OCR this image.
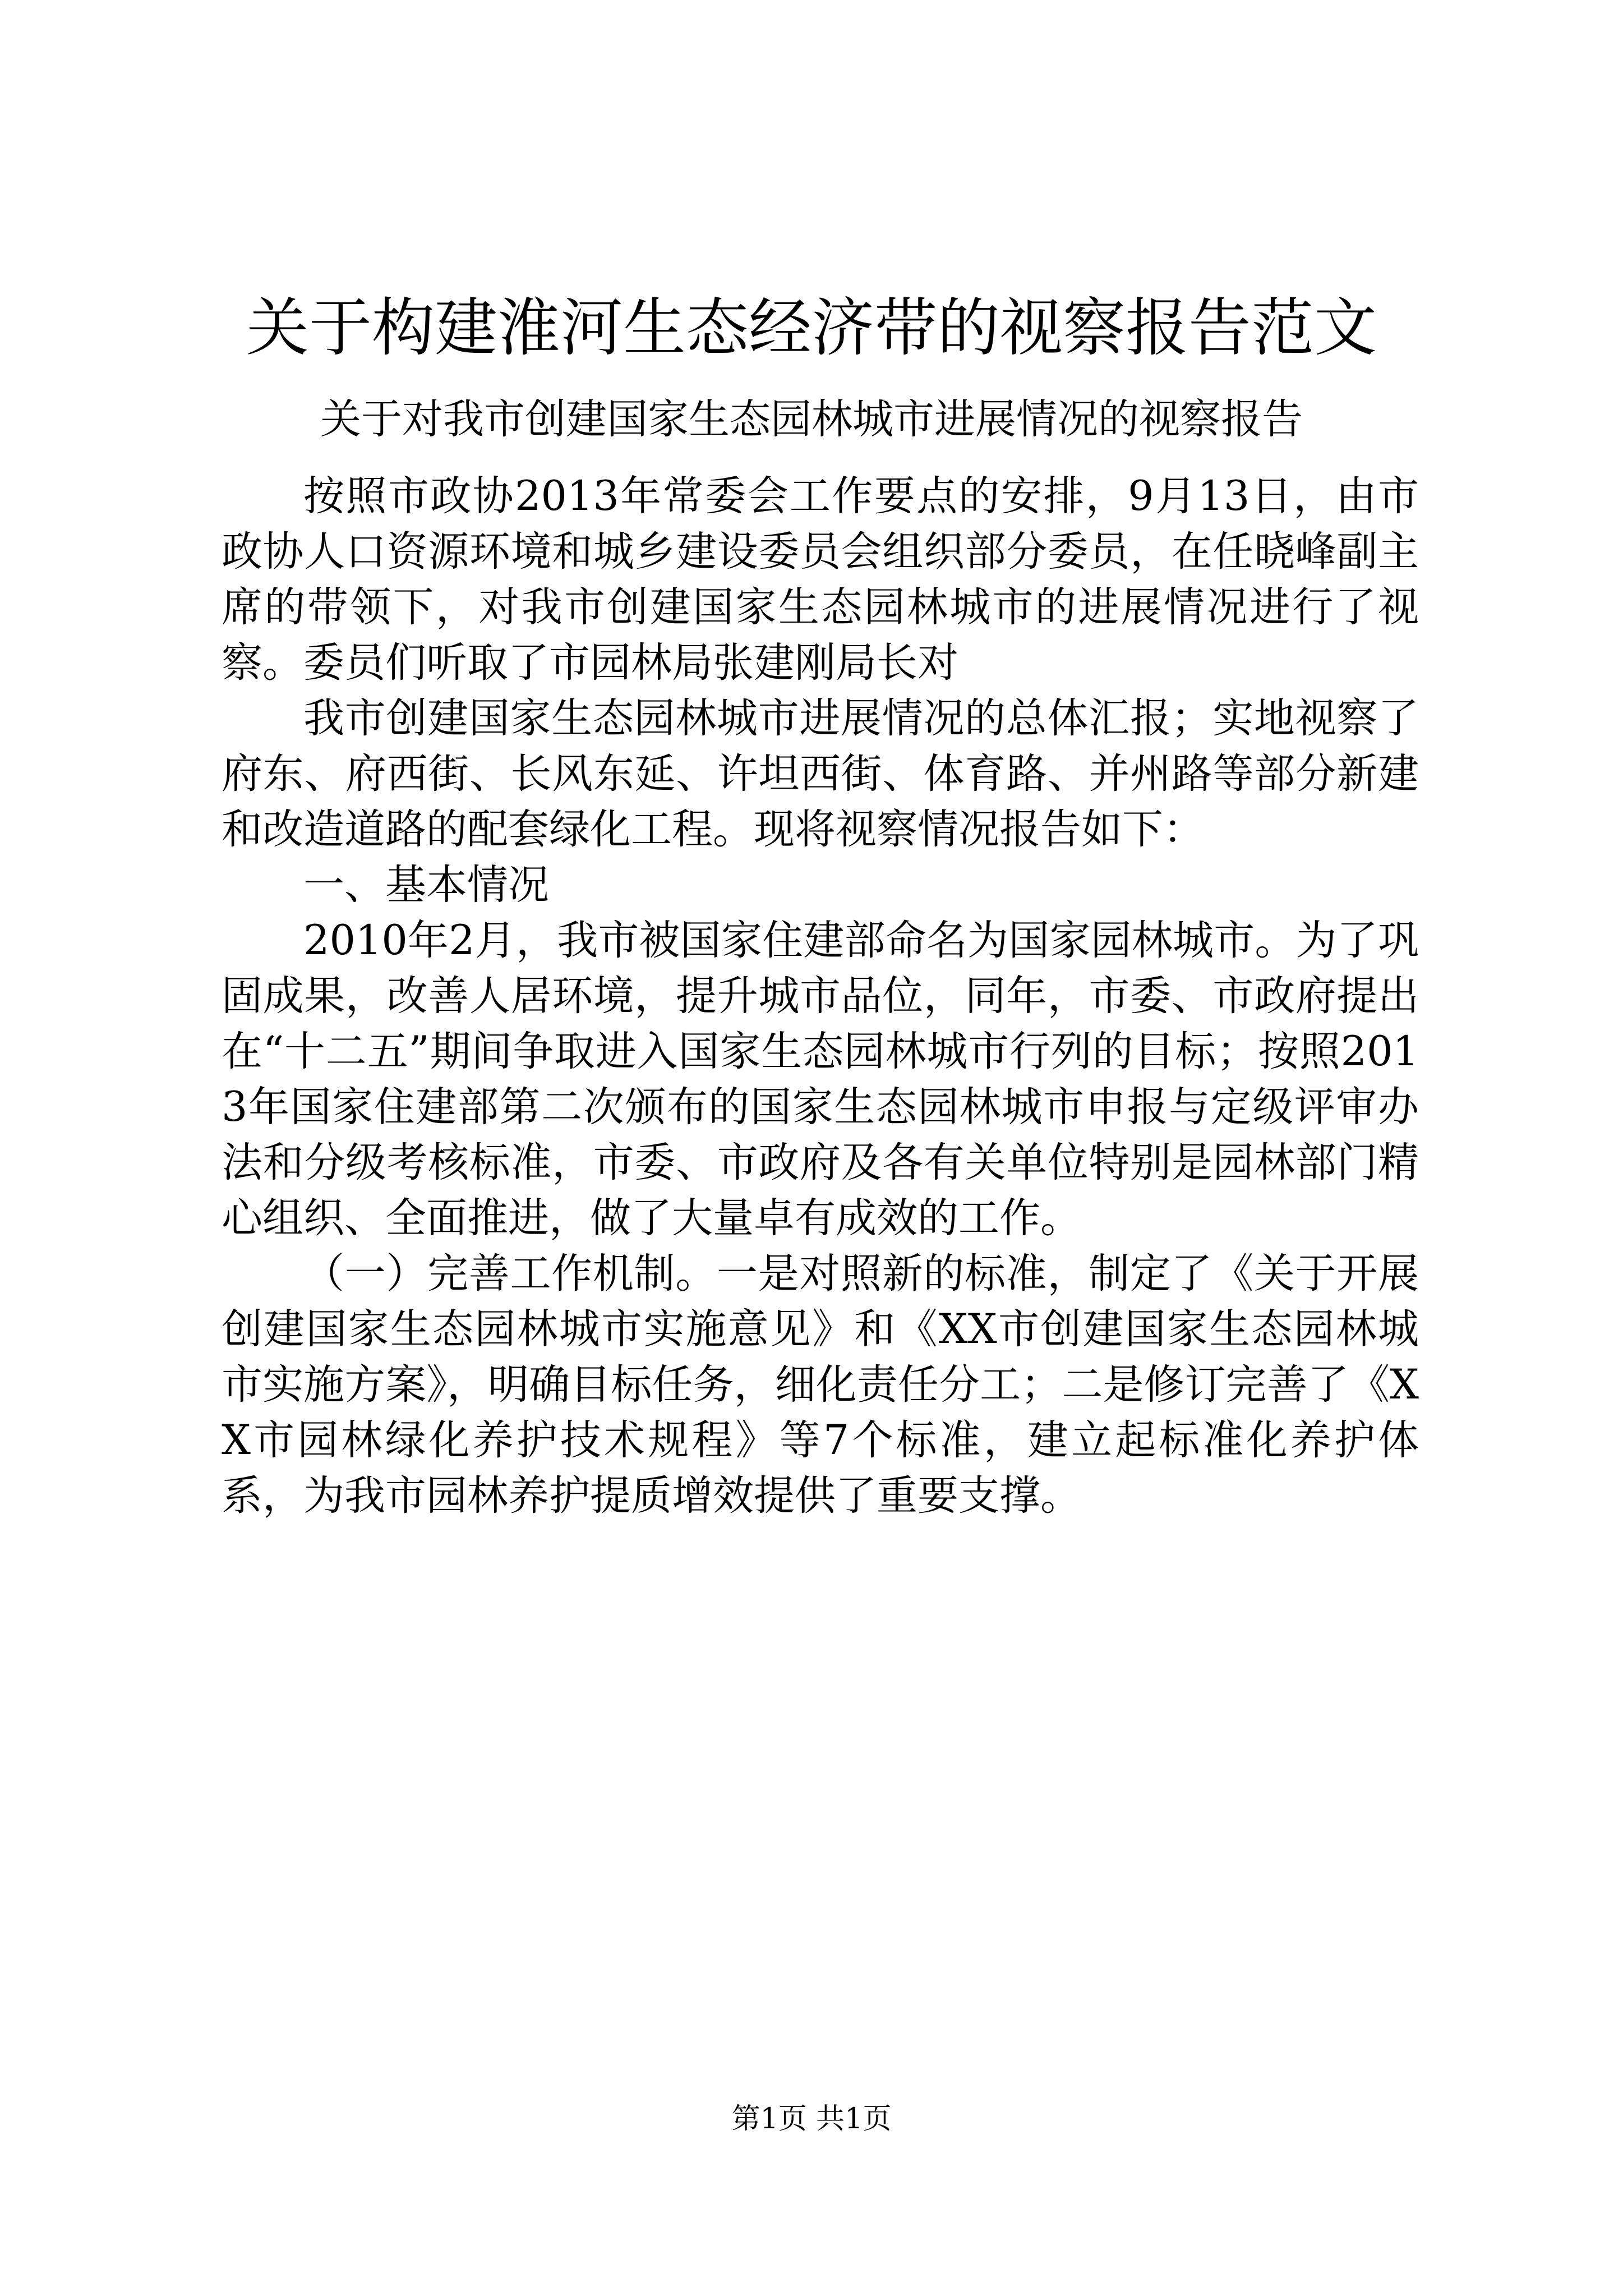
关于构建淮河生态经济带的视察报告范文
关于对我市创建国家生态园林城市进展情况的视察报告

按照市政协2013年常委会工作要点的安排，9月13日，由市政协人口资源环境和城乡建设委员会组织部分委员，在任晓峰副主席的带领下，对我市创建国家生态园林城市的进展情况进行了视察。委员们听取了市园林局张建刚局长对

我市创建国家生态园林城市进展情况的总体汇报；实地视察了府东、府西街、长风东延、许坦西街、体育路、并州路等部分新建和改造道路的配套绿化工程。现将视察情况报告如下：

一、基本情况

2010年2月，我市被国家住建部命名为国家园林城市。为了巩固成果，改善人居环境，提升城市品位，同年，市委、市政府提出在“十二五”期间争取进入国家生态园林城市行列的目标；按照2013年国家住建部第二次颁布的国家生态园林城市申报与定级评审办法和分级考核标准，市委、市政府及各有关单位特别是园林部门精心组织、全面推进，做了大量卓有成效的工作。

（一）完善工作机制。一是对照新的标准，制定了《关于开展创建国家生态园林城市实施意见》和《XX市创建国家生态园林城市实施方案》，明确目标任务，细化责任分工；二是修订完善了《XX市园林绿化养护技术规程》等7个标准，建立起标准化养护体系，为我市园林养护提质增效提供了重要支撑。

第1页 共1页
